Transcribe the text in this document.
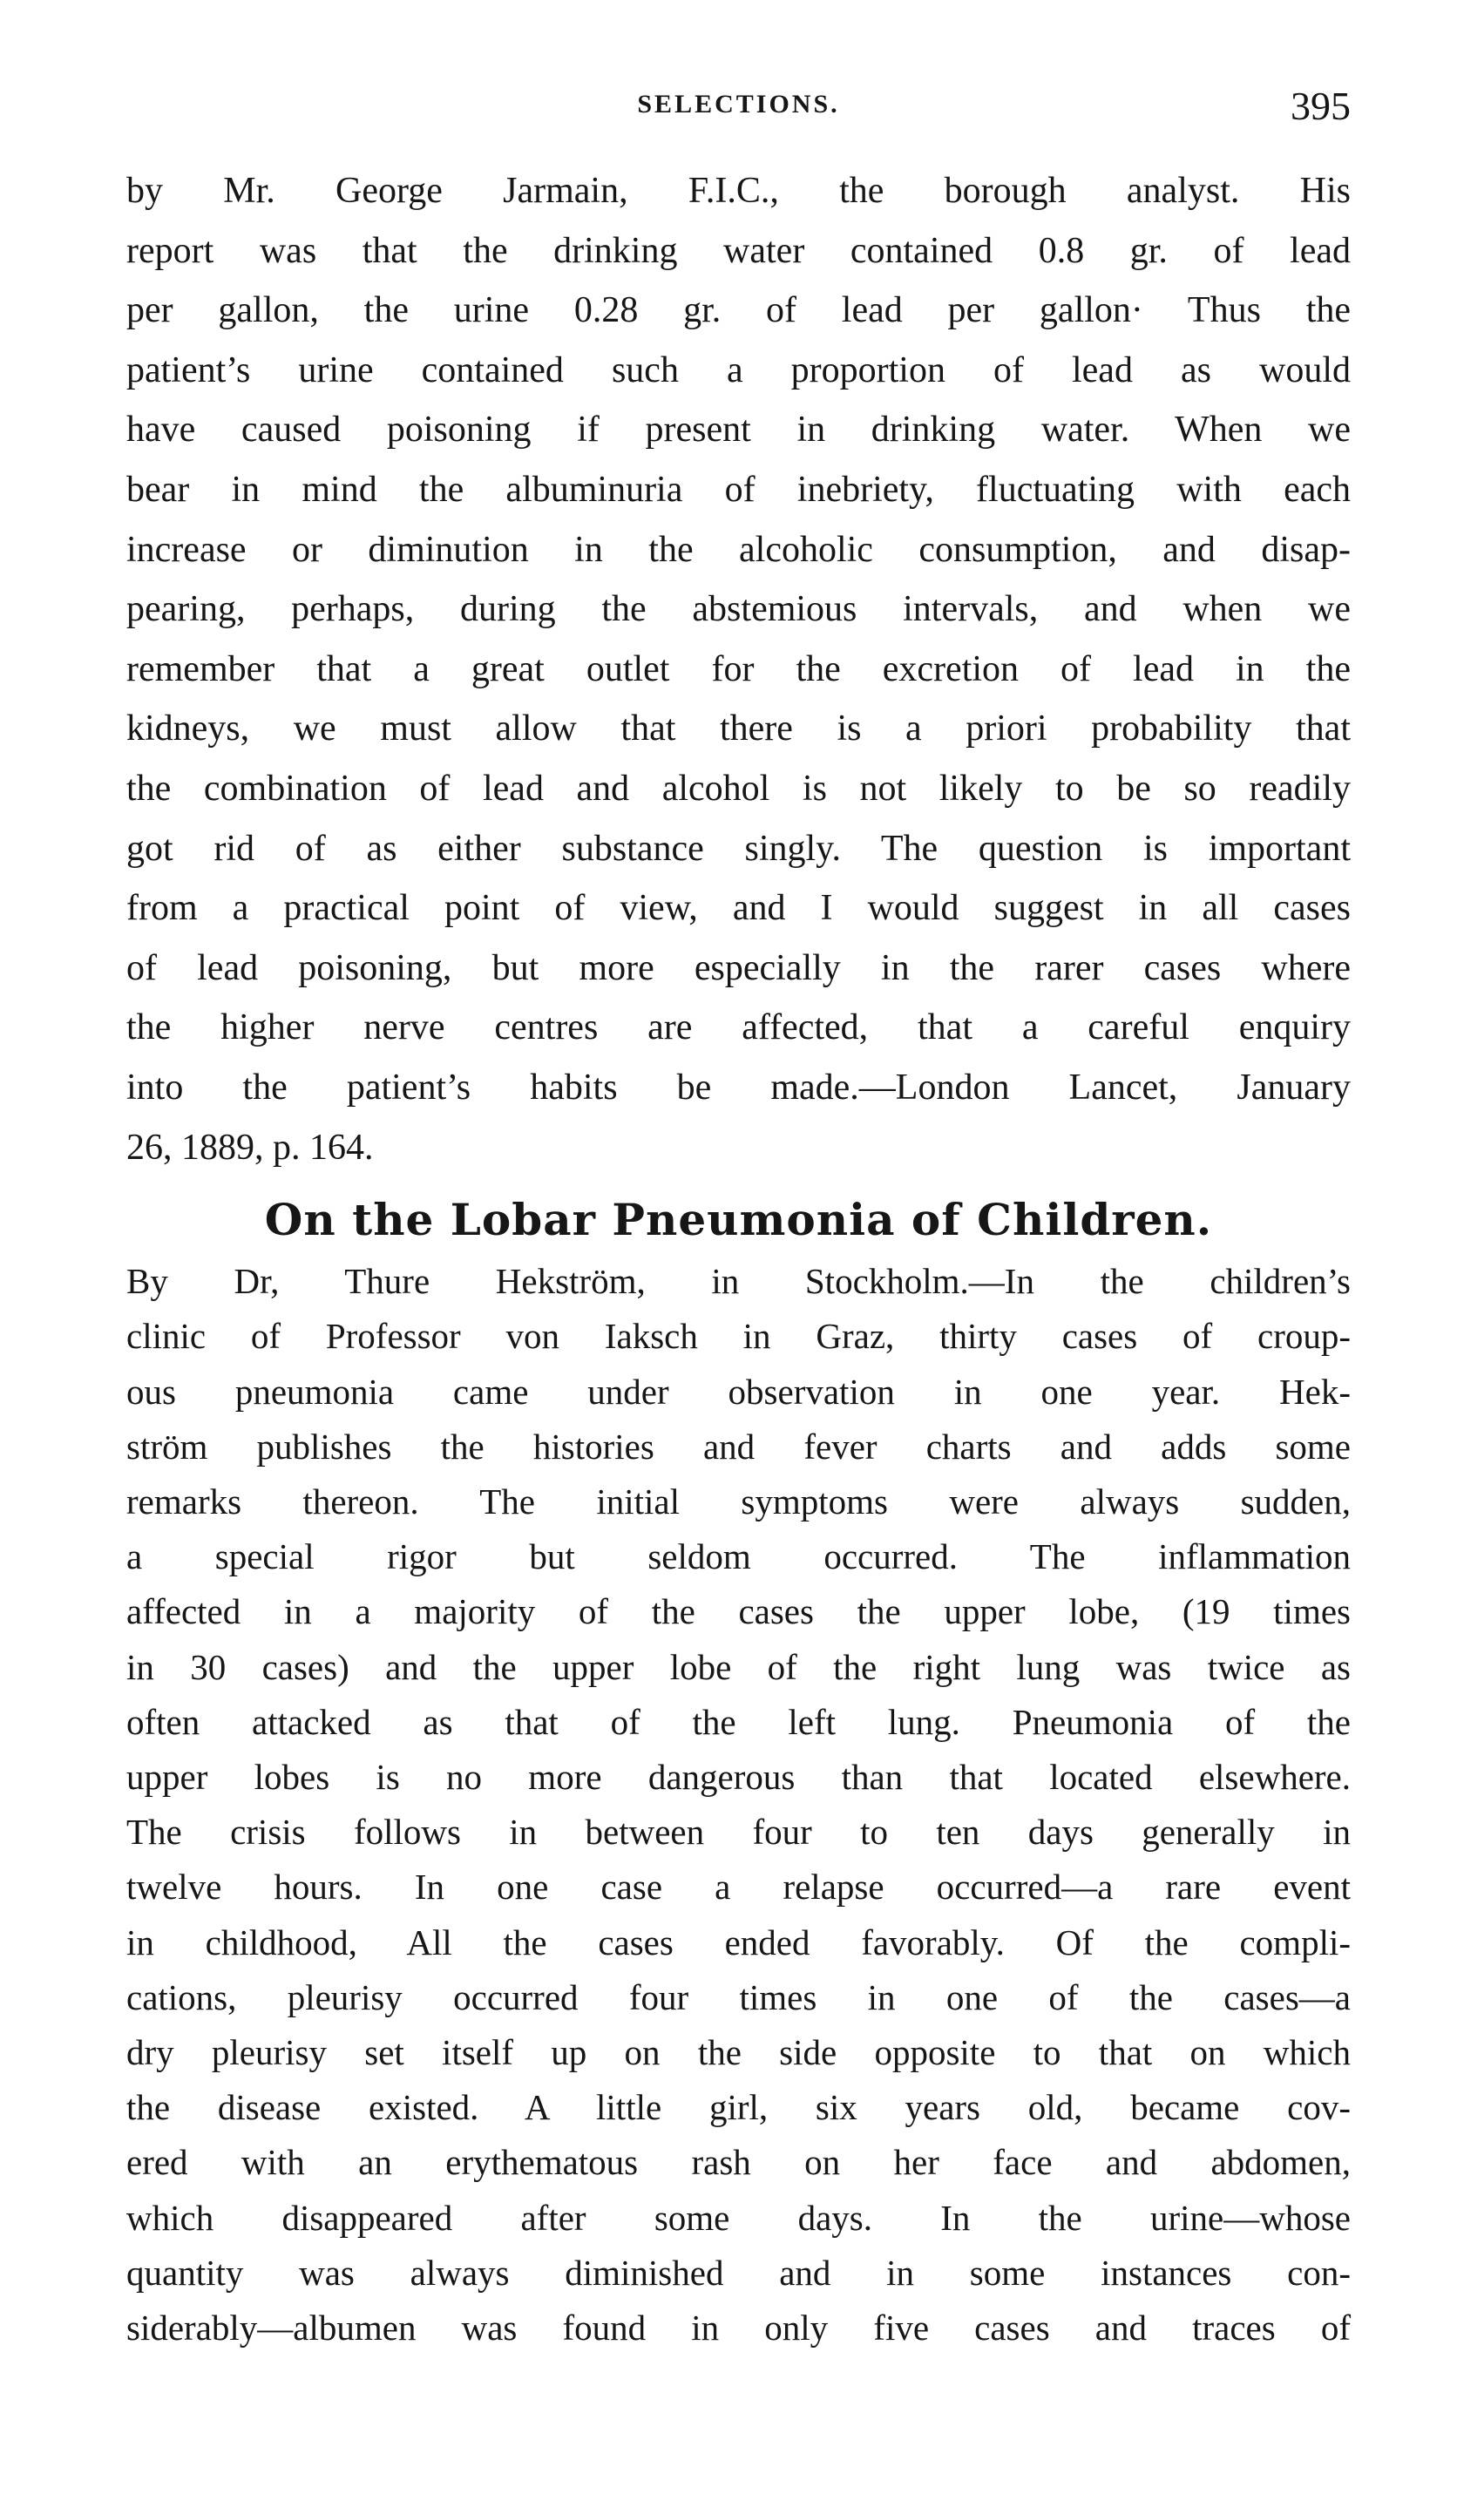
SELECTIONS.	395
by Mr. George Jarmain, F.I.C., the borough analyst. His
report was that the drinking water contained 0.8 gr. of lead
per gallon, the urine 0.28 gr. of lead per gallon· Thus the
patient’s urine contained such a proportion of lead as would
have caused poisoning if present in drinking water. When we
bear in mind the albuminuria of inebriety, fluctuating with each
increase or diminution in the alcoholic consumption, and disap-
pearing, perhaps, during the abstemious intervals, and when we
remember that a great outlet for the excretion of lead in the
kidneys, we must allow that there is a priori probability that
the combination of lead and alcohol is not likely to be so readily
got rid of as either substance singly. The question is important
from a practical point of view, and I would suggest in all cases
of lead poisoning, but more especially in the rarer cases where
the higher nerve centres are affected, that a careful enquiry
into the patient’s habits be made.—London Lancet, January
26, 1889, p. 164.
On the Lobar Pneumonia of Children.
By Dr, Thure Hekström, in Stockholm.—In the children’s
clinic of Professor von Iaksch in Graz, thirty cases of croup-
ous pneumonia came under observation in one year. Hek-
ström publishes the histories and fever charts and adds some
remarks thereon. The initial symptoms were always sudden,
a special rigor but seldom occurred. The inflammation
affected in a majority of the cases the upper lobe, (19 times
in 30 cases) and the upper lobe of the right lung was twice as
often attacked as that of the left lung. Pneumonia of the
upper lobes is no more dangerous than that located elsewhere.
The crisis follows in between four to ten days generally in
twelve hours. In one case a relapse occurred—a rare event
in childhood, All the cases ended favorably. Of the compli-
cations, pleurisy occurred four times in one of the cases—a
dry pleurisy set itself up on the side opposite to that on which
the disease existed. A little girl, six years old, became cov-
ered with an erythematous rash on her face and abdomen,
which disappeared after some days. In the urine—whose
quantity was always diminished and in some instances con-
siderably—albumen was found in only five cases and traces of
